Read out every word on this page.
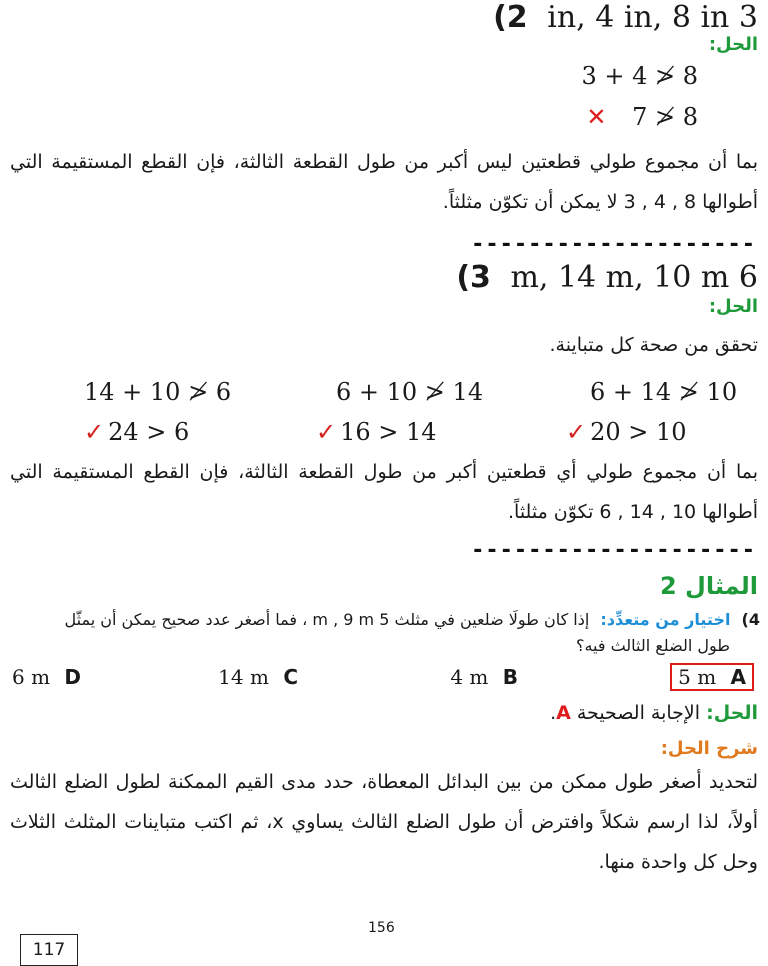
3 in, 4 in, 8 in (2
الحل:
3 + 4 ≯ 8
✕ 7 ≯ 8
بما أن مجموع طولي قطعتين ليس أكبر من طول القطعة الثالثة، فإن القطع المستقيمة التي أطوالها 8 , 4 , 3 لا يمكن أن تكوّن مثلثاً.
--------------------
6 m, 14 m, 10 m (3
الحل:
تحقق من صحة كل متباينة.
14 + 10 ≯ 6	6 + 10 ≯ 14	6 + 14 ≯ 10
✓ 24 > 6	✓ 16 > 14	✓ 20 > 10
بما أن مجموع طولي أي قطعتين أكبر من طول القطعة الثالثة، فإن القطع المستقيمة التي أطوالها 10 , 14 , 6 تكوّن مثلثاً.
--------------------
المثال 2
4) اختيار من متعدِّد: إذا كان طولَا ضلعين في مثلث 5 m , 9 m ، فما أصغر عدد صحيح يمكن أن يمثّل
طول الضلع الثالث فيه؟
5 m A
4 m B
14 m C
6 m D
الحل: الإجابة الصحيحة A.
شرح الحل:
لتحديد أصغر طول ممكن من بين البدائل المعطاة، حدد مدى القيم الممكنة لطول الضلع الثالث أولاً، لذا ارسم شكلاً وافترض أن طول الضلع الثالث يساوي x، ثم اكتب متباينات المثلث الثلاث وحل كل واحدة منها.
156
117
